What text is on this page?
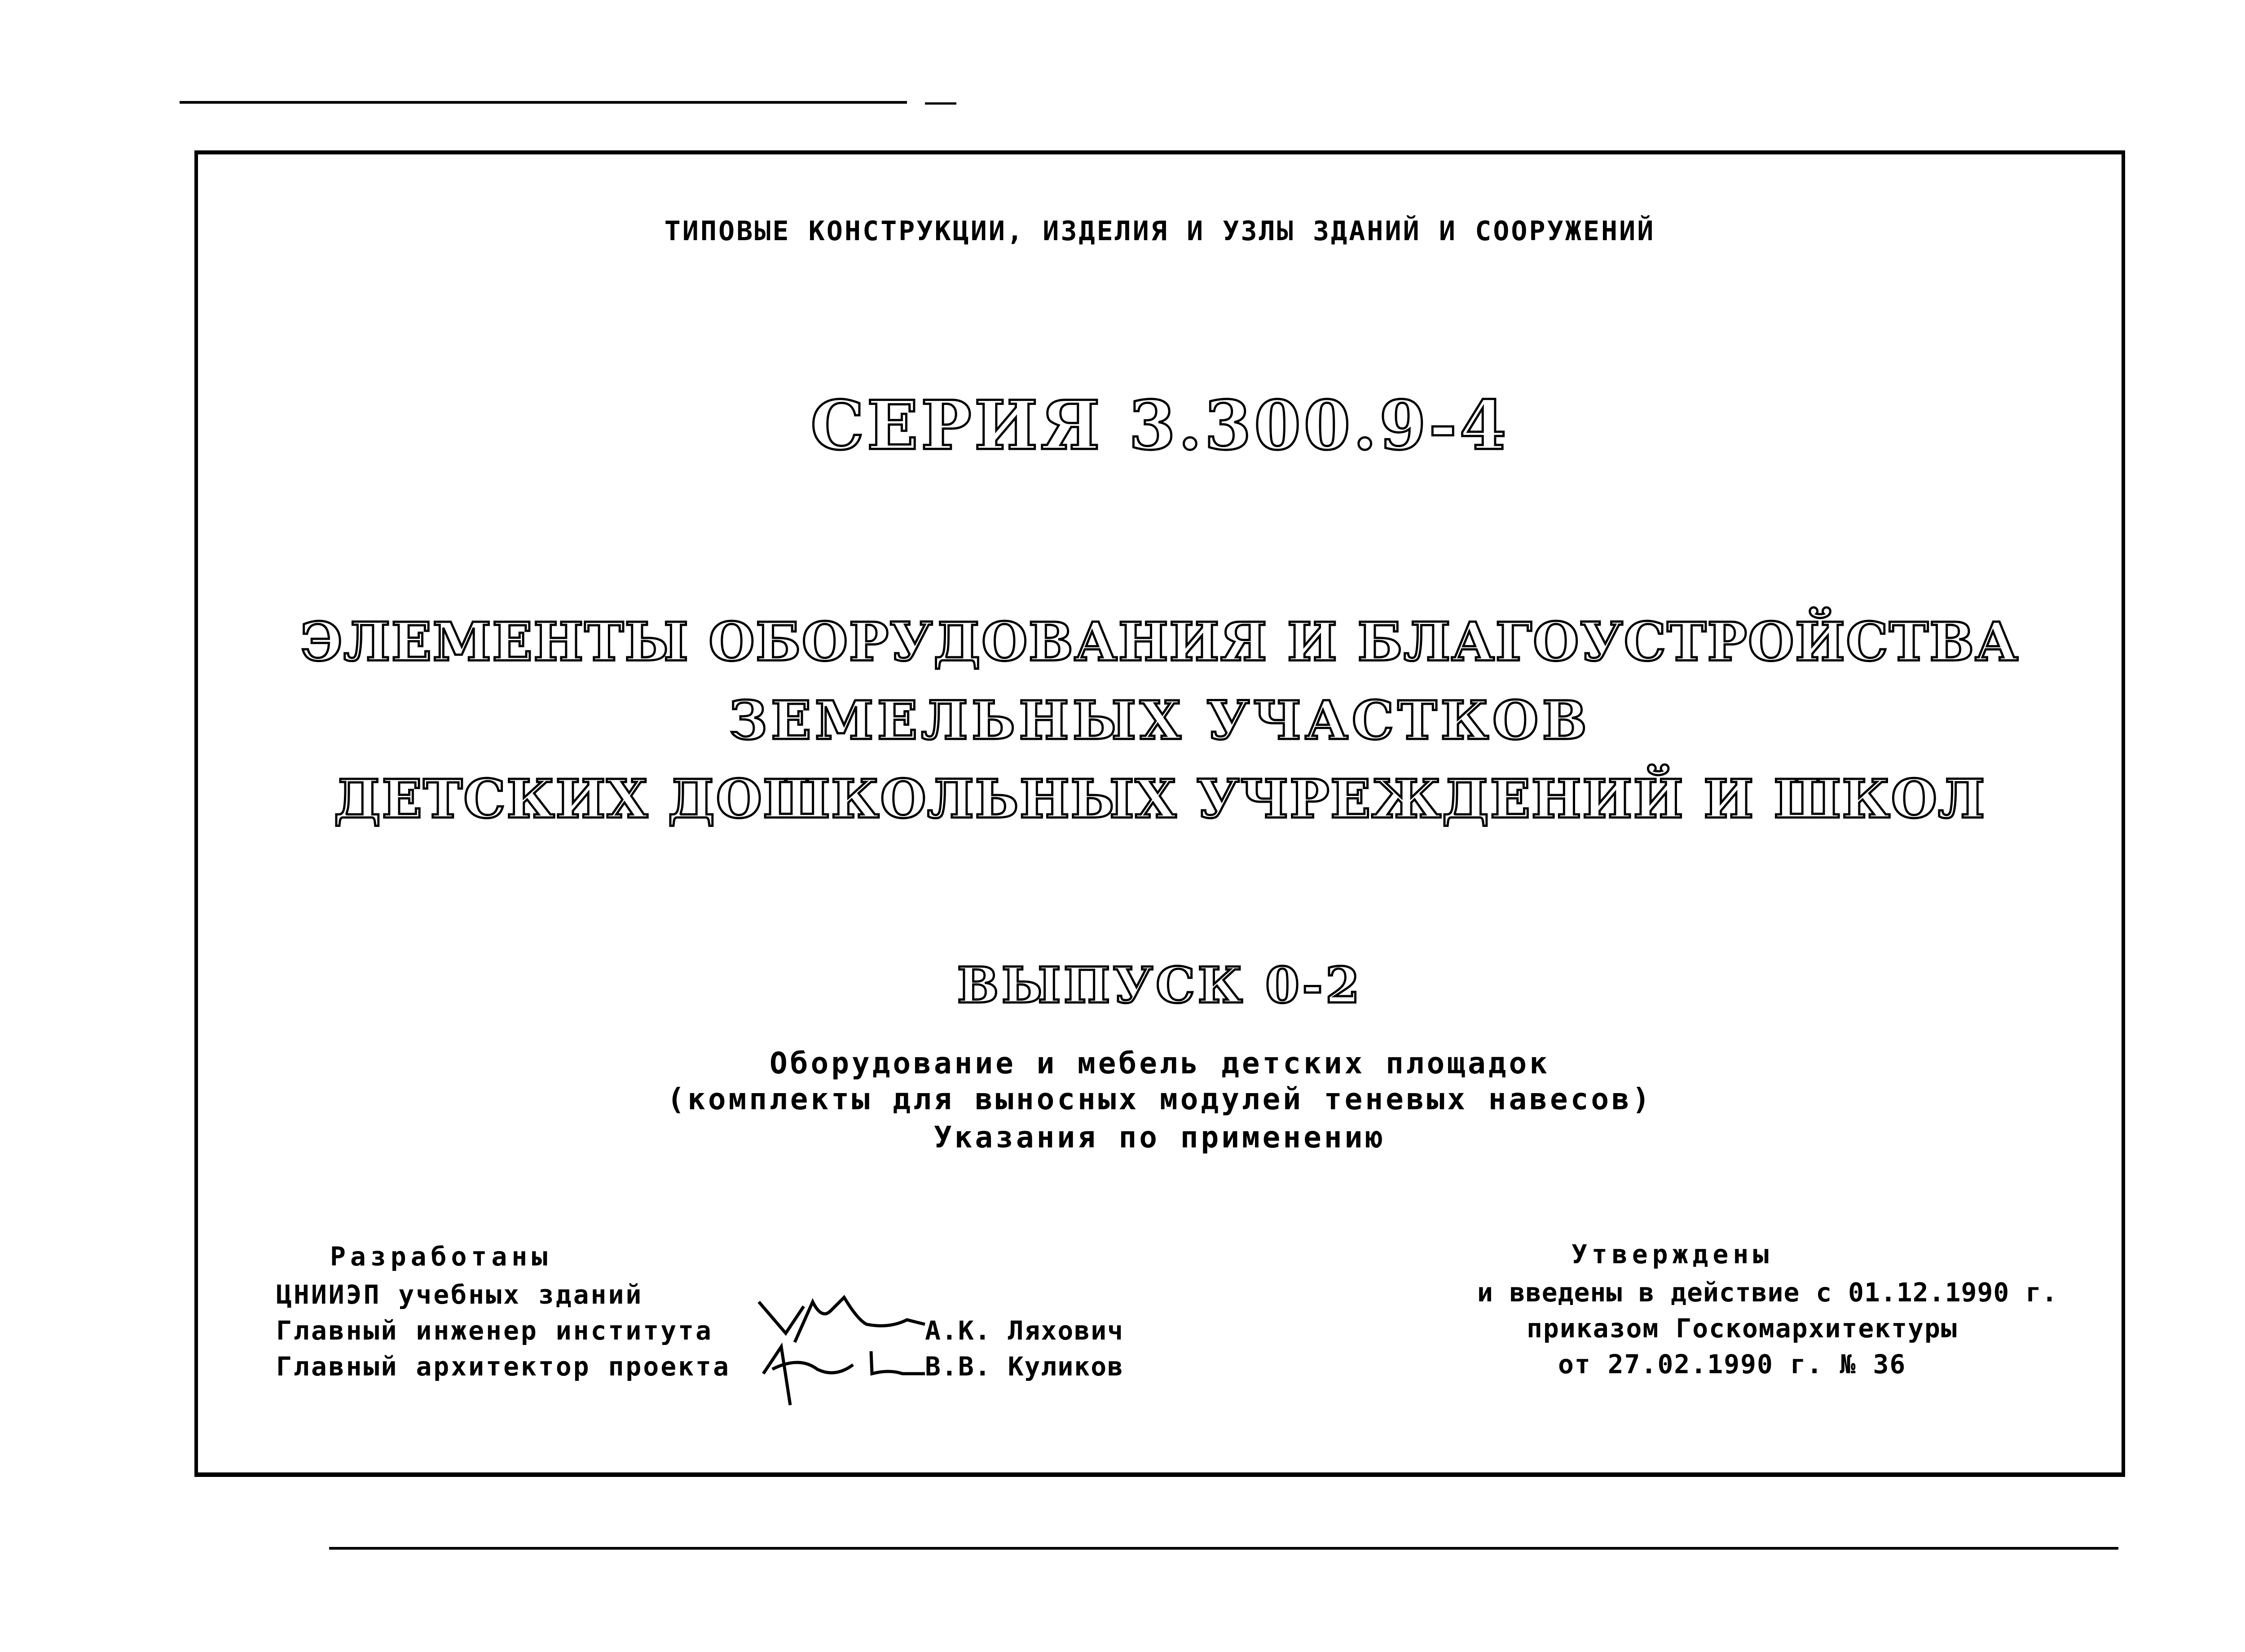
ТИПОВЫЕ КОНСТРУКЦИИ, ИЗДЕЛИЯ И УЗЛЫ ЗДАНИЙ И СООРУЖЕНИЙ
СЕРИЯ 3.300.9-4
ЭЛЕМЕНТЫ ОБОРУДОВАНИЯ И БЛАГОУСТРОЙСТВА
ЗЕМЕЛЬНЫХ УЧАСТКОВ
ДЕТСКИХ ДОШКОЛЬНЫХ УЧРЕЖДЕНИЙ И ШКОЛ
ВЫПУСК 0-2
Оборудование и мебель детских площадок
(комплекты для выносных модулей теневых навесов)
Указания по применению
Разработаны
ЦНИИЭП учебных зданий
Главный инженер института	А.К. Ляхович
Главный архитектор проекта	В.В. Куликов
Утверждены
и введены в действие с 01.12.1990 г.
приказом Госкомархитектуры
от 27.02.1990 г. № 36
